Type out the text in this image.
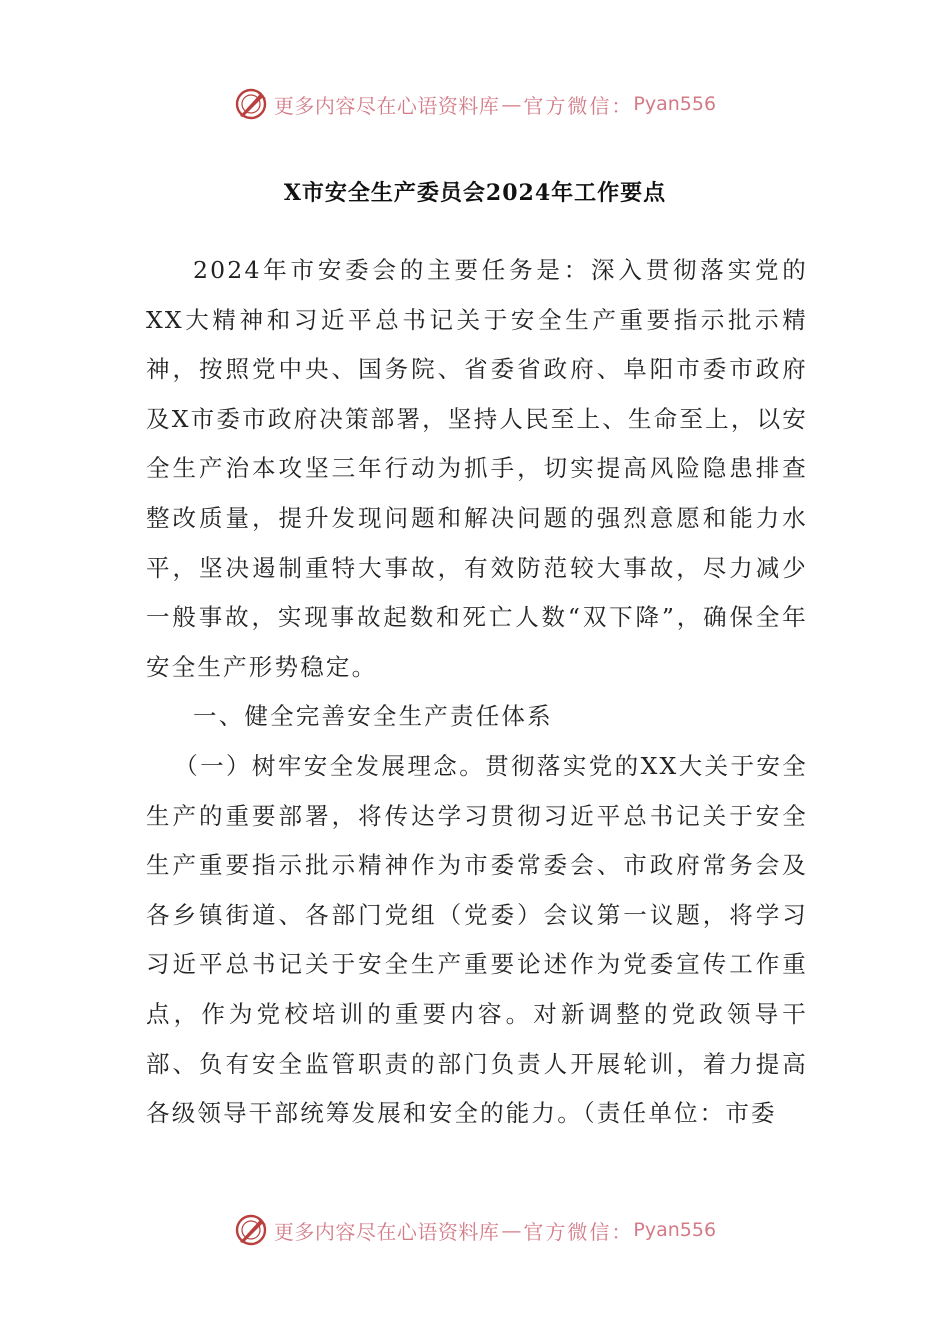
更多内容尽在心语资料库 — 官方微信： Pyan556
X市安全生产委员会2024年工作要点

2024年市安委会的主要任务是：深入贯彻落实党的XX大精神和习近平总书记关于安全生产重要指示批示精神，按照党中央、国务院、省委省政府、阜阳市委市政府及X市委市政府决策部署，坚持人民至上、生命至上，以安全生产治本攻坚三年行动为抓手，切实提高风险隐患排查整改质量，提升发现问题和解决问题的强烈意愿和能力水平，坚决遏制重特大事故，有效防范较大事故，尽力减少一般事故，实现事故起数和死亡人数“双下降”，确保全年安全生产形势稳定。

一、健全完善安全生产责任体系

（一）树牢安全发展理念。贯彻落实党的XX大关于安全生产的重要部署，将传达学习贯彻习近平总书记关于安全生产重要指示批示精神作为市委常委会、市政府常务会及各乡镇街道、各部门党组（党委）会议第一议题，将学习习近平总书记关于安全生产重要论述作为党委宣传工作重点，作为党校培训的重要内容。对新调整的党政领导干部、负有安全监管职责的部门负责人开展轮训，着力提高各级领导干部统筹发展和安全的能力。（责任单位：市委

更多内容尽在心语资料库 — 官方微信： Pyan556
